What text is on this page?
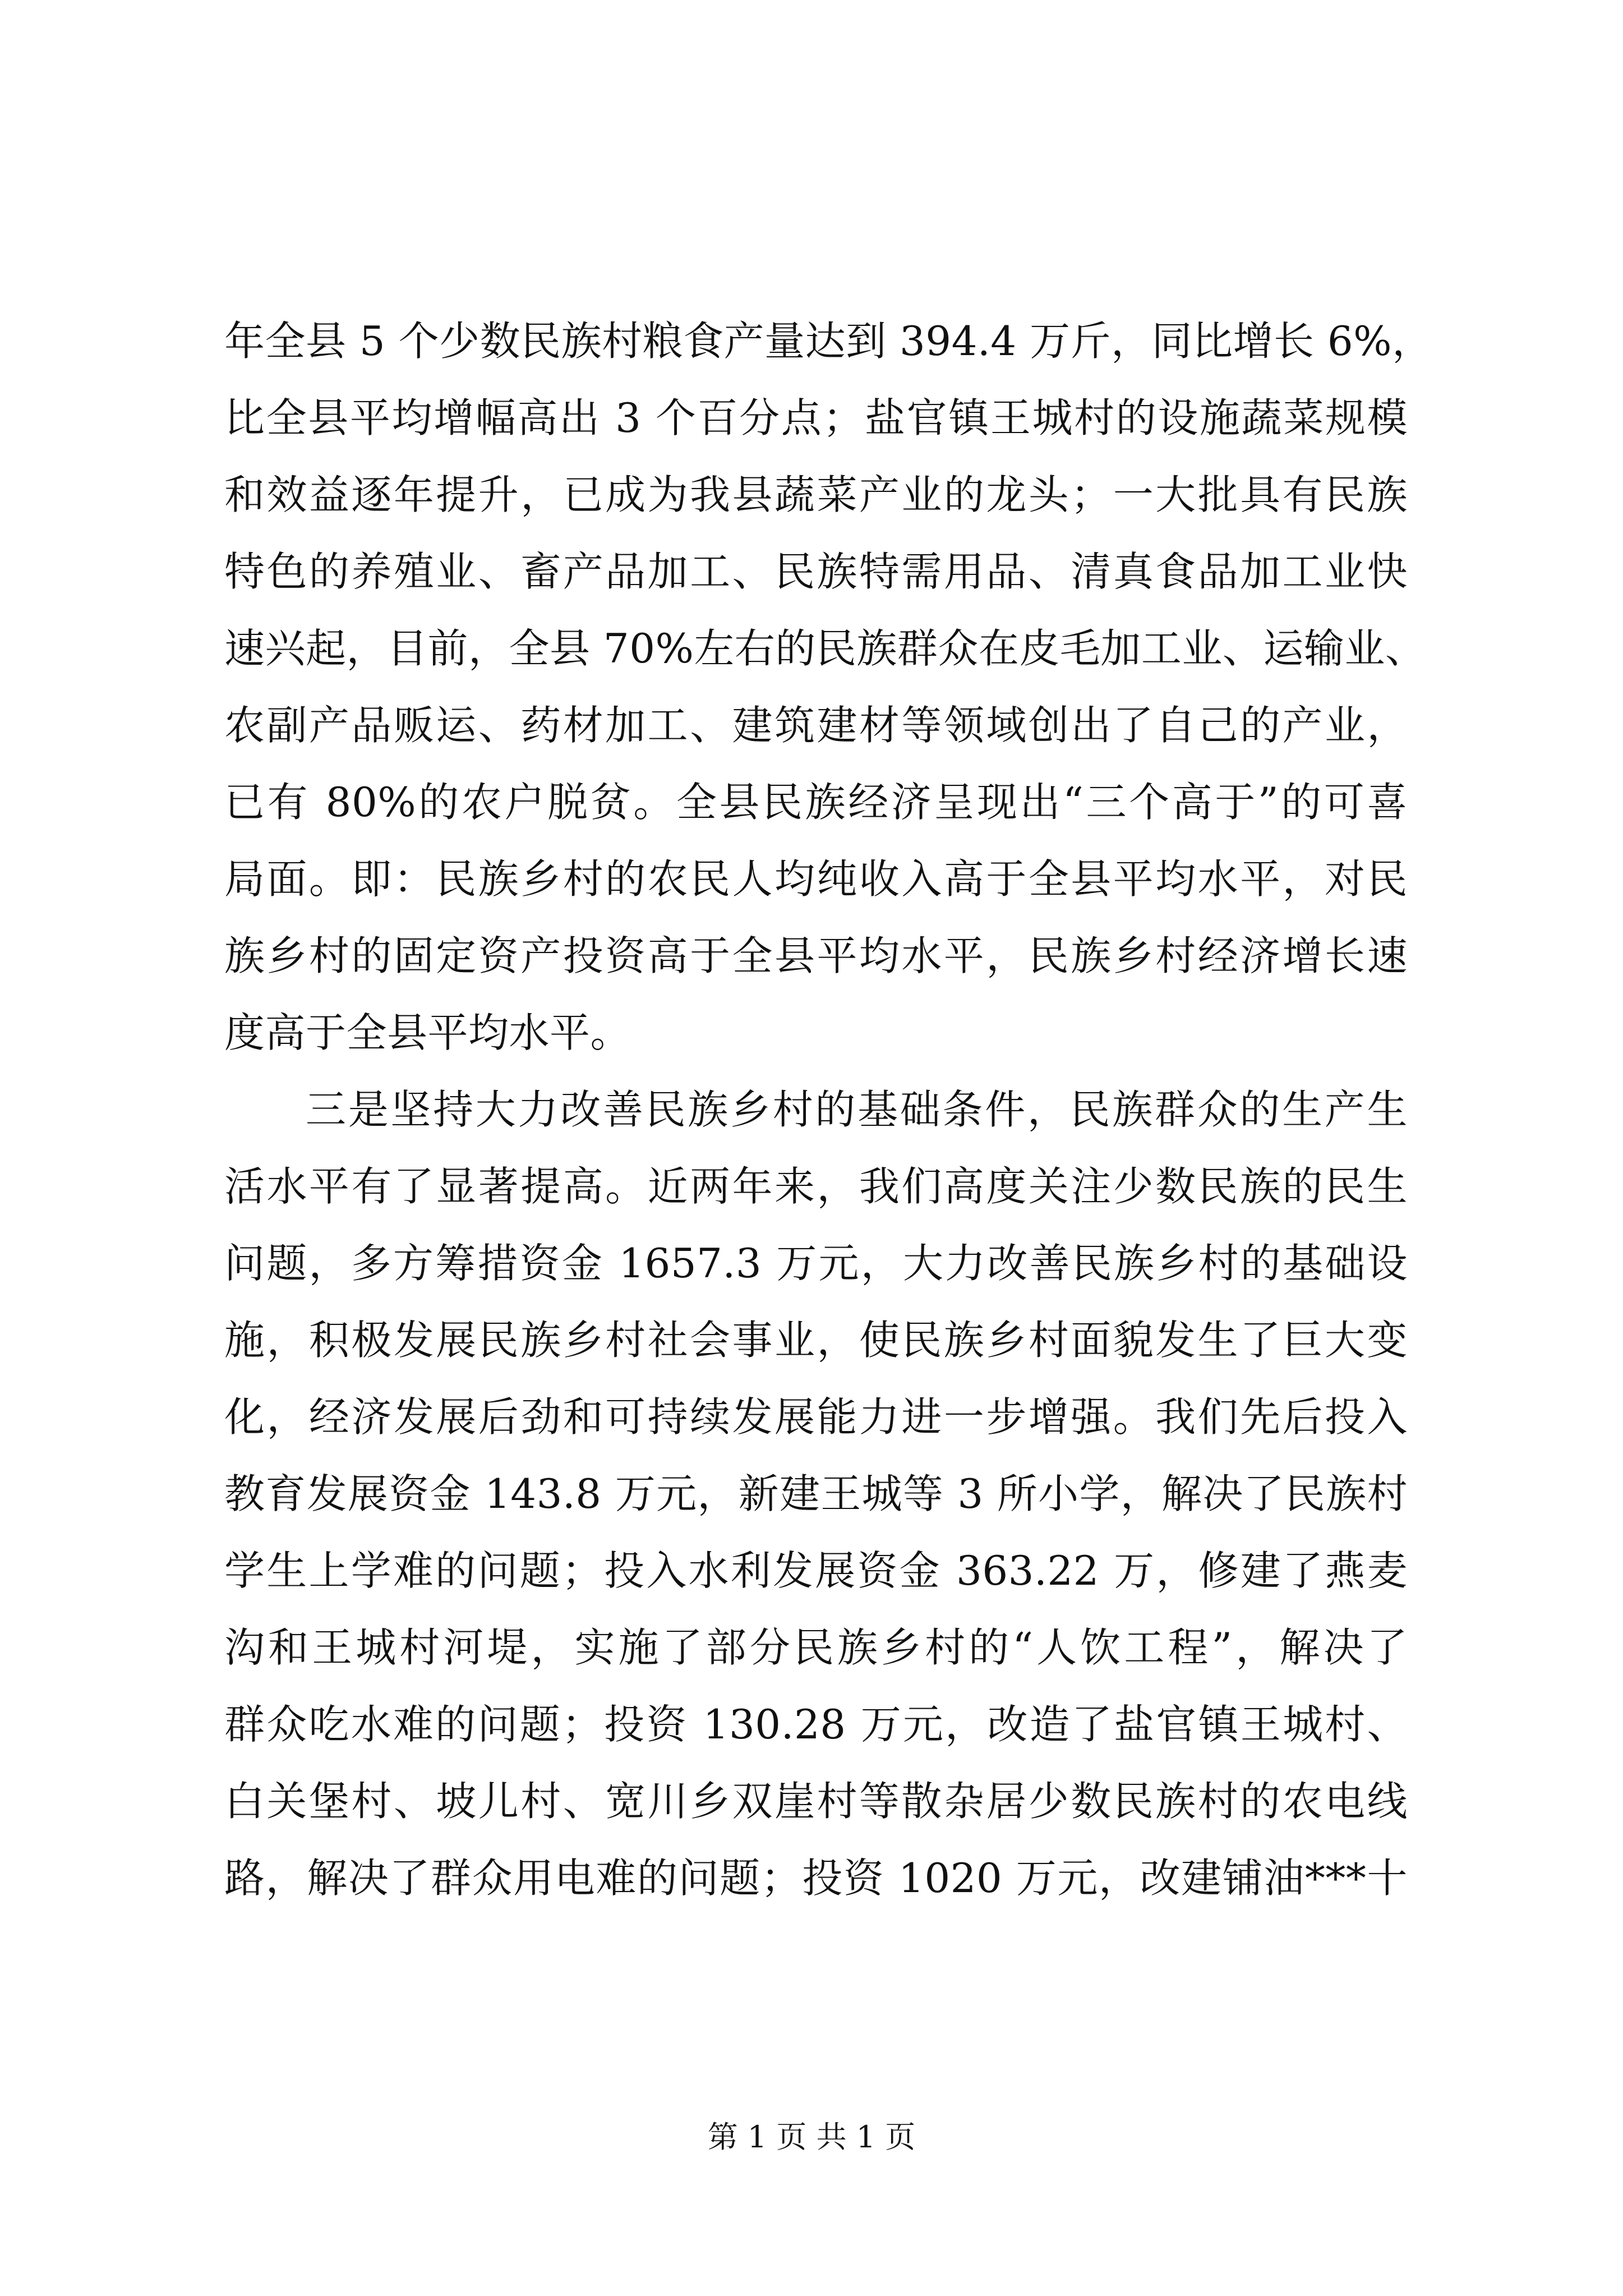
年全县 5 个少数民族村粮食产量达到 394.4 万斤，同比增长 6%，
比全县平均增幅高出 3 个百分点；盐官镇王城村的设施蔬菜规模
和效益逐年提升，已成为我县蔬菜产业的龙头；一大批具有民族
特色的养殖业、畜产品加工、民族特需用品、清真食品加工业快
速兴起，目前，全县 70%左右的民族群众在皮毛加工业、运输业、
农副产品贩运、药材加工、建筑建材等领域创出了自己的产业，
已有 80%的农户脱贫。全县民族经济呈现出“三个高于”的可喜
局面。即：民族乡村的农民人均纯收入高于全县平均水平，对民
族乡村的固定资产投资高于全县平均水平，民族乡村经济增长速
度高于全县平均水平。
三是坚持大力改善民族乡村的基础条件，民族群众的生产生
活水平有了显著提高。近两年来，我们高度关注少数民族的民生
问题，多方筹措资金 1657.3 万元，大力改善民族乡村的基础设
施，积极发展民族乡村社会事业，使民族乡村面貌发生了巨大变
化，经济发展后劲和可持续发展能力进一步增强。我们先后投入
教育发展资金 143.8 万元，新建王城等 3 所小学，解决了民族村
学生上学难的问题；投入水利发展资金 363.22 万，修建了燕麦
沟和王城村河堤，实施了部分民族乡村的“人饮工程”，解决了
群众吃水难的问题；投资 130.28 万元，改造了盐官镇王城村、
白关堡村、坡儿村、宽川乡双崖村等散杂居少数民族村的农电线
路，解决了群众用电难的问题；投资 1020 万元，改建铺油***十
第 1 页 共 1 页
